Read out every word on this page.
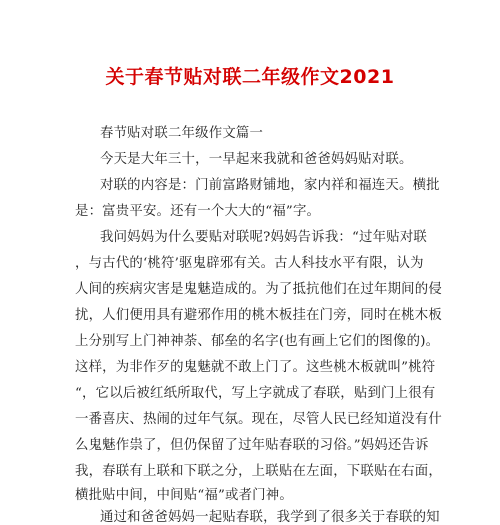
关于春节贴对联二年级作文2021
春节贴对联二年级作文篇一
今天是大年三十，一早起来我就和爸爸妈妈贴对联。
对联的内容是：门前富路财铺地，家内祥和福连天。横批
是：富贵平安。还有一个大大的“福”字。
我问妈妈为什么要贴对联呢?妈妈告诉我：“过年贴对联
，与古代的‘桃符’驱鬼辟邪有关。古人科技水平有限，认为
人间的疾病灾害是鬼魅造成的。为了抵抗他们在过年期间的侵
扰，人们便用具有避邪作用的桃木板挂在门旁，同时在桃木板
上分别写上门神神荼、郁垒的名字(也有画上它们的图像的)。
这样，为非作歹的鬼魅就不敢上门了。这些桃木板就叫”桃符
“，它以后被红纸所取代，写上字就成了春联，贴到门上很有
一番喜庆、热闹的过年气氛。现在，尽管人民已经知道没有什
么鬼魅作祟了，但仍保留了过年贴春联的习俗。”妈妈还告诉
我，春联有上联和下联之分，上联贴在左面，下联贴在右面，
横批贴中间，中间贴“福”或者门神。
通过和爸爸妈妈一起贴春联，我学到了很多关于春联的知
